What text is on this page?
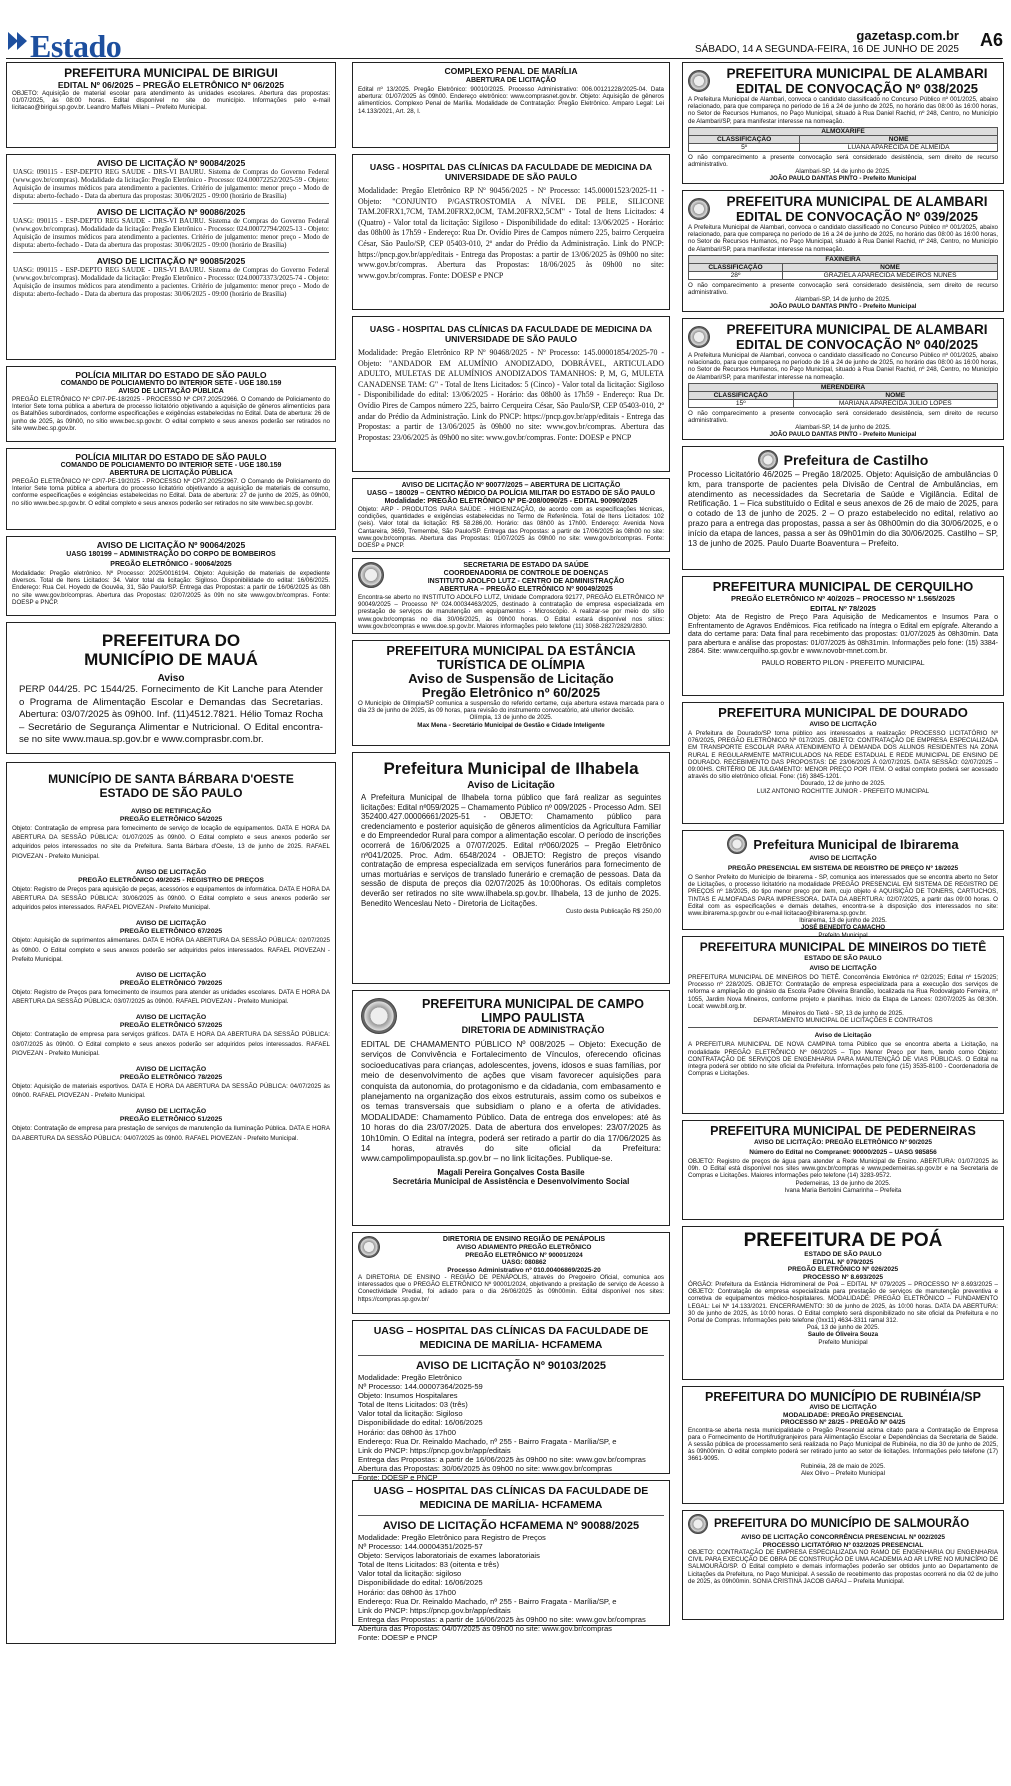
Estado	gazetasp.com.br
SÁBADO, 14 A SEGUNDA-FEIRA, 16 DE JUNHO DE 2025 A6
PREFEITURA MUNICIPAL DE BIRIGUI
EDITAL Nº 06/2025 – PREGÃO ELETRÔNICO Nº 06/2025
OBJETO: Aquisição de material escolar para atendimento às unidades escolares. Abertura das propostas: 01/07/2025, às 08:00 horas. Edital disponível no site do município. Informações pelo e-mail licitacao@birigui.sp.gov.br. Leandro Maffeis Milani – Prefeito Municipal.
AVISO DE LICITAÇÃO Nº 90084/2025
UASG: 090115 - ESP-DEPTO REG SAUDE - DRS-VI BAURU. Sistema de Compras do Governo Federal (www.gov.br/compras). Modalidade da licitação: Pregão Eletrônico - Processo: 024.00072252/2025-59 - Objeto: Aquisição de insumos médicos para atendimento a pacientes. Critério de julgamento: menor preço - Modo de disputa: aberto-fechado - Data da abertura das propostas: 30/06/2025 - 09:00 (horário de Brasília)
AVISO DE LICITAÇÃO Nº 90086/2025
UASG: 090115 - ESP-DEPTO REG SAUDE - DRS-VI BAURU. Sistema de Compras do Governo Federal (www.gov.br/compras). Modalidade da licitação: Pregão Eletrônico - Processo: 024.00072794/2025-13 - Objeto: Aquisição de insumos médicos para atendimento a pacientes. Critério de julgamento: menor preço - Modo de disputa: aberto-fechado - Data da abertura das propostas: 30/06/2025 - 09:00 (horário de Brasília)
AVISO DE LICITAÇÃO Nº 90085/2025
UASG: 090115 - ESP-DEPTO REG SAUDE - DRS-VI BAURU. Sistema de Compras do Governo Federal (www.gov.br/compras). Modalidade da licitação: Pregão Eletrônico - Processo: 024.00073373/2025-74 - Objeto: Aquisição de insumos médicos para atendimento a pacientes. Critério de julgamento: menor preço - Modo de disputa: aberto-fechado - Data da abertura das propostas: 30/06/2025 - 09:00 (horário de Brasília)
POLÍCIA MILITAR DO ESTADO DE SÃO PAULO
COMANDO DE POLICIAMENTO DO INTERIOR SETE - UGE 180.159
AVISO DE LICITAÇÃO PÚBLICA
PREGÃO ELETRÔNICO Nº CPI7-PE-18/2025 - PROCESSO Nº CPI7.2025/2966. O Comando de Policiamento do Interior Sete torna pública a abertura de processo licitatório objetivando a aquisição de gêneros alimentícios para os Batalhões subordinados, conforme especificações e exigências estabelecidas no Edital. Data de abertura: 26 de junho de 2025, às 09h00, no sítio www.bec.sp.gov.br. O edital completo e seus anexos poderão ser retirados no site www.bec.sp.gov.br.
POLÍCIA MILITAR DO ESTADO DE SÃO PAULO
COMANDO DE POLICIAMENTO DO INTERIOR SETE - UGE 180.159
ABERTURA DE LICITAÇÃO PÚBLICA
PREGÃO ELETRÔNICO Nº CPI7-PE-19/2025 - PROCESSO Nº CPI7.2025/2967. O Comando de Policiamento do Interior Sete torna pública a abertura do processo licitatório objetivando a aquisição de materiais de consumo, conforme especificações e exigências estabelecidas no Edital. Data de abertura: 27 de junho de 2025, às 09h00, no sítio www.bec.sp.gov.br. O edital completo e seus anexos poderão ser retirados no site www.bec.sp.gov.br.
AVISO DE LICITAÇÃO Nº 90064/2025
UASG 180199 – ADMINISTRAÇÃO DO CORPO DE BOMBEIROS
PREGÃO ELETRÔNICO - 90064/2025
Modalidade: Pregão eletrônico. Nº Processo: 2025/0016194. Objeto: Aquisição de materiais de expediente diversos. Total de Itens Licitados: 34. Valor total da licitação: Sigiloso. Disponibilidade do edital: 16/06/2025. Endereço: Rua Cel. Hoyedo de Gouvêa, 31, São Paulo/SP. Entrega das Propostas: a partir de 16/06/2025 às 08h no site www.gov.br/compras. Abertura das Propostas: 02/07/2025 às 09h no site www.gov.br/compras. Fonte: DOESP e PNCP.
PREFEITURA DO MUNICÍPIO DE MAUÁ
Aviso
PERP 044/25. PC 1544/25. Fornecimento de Kit Lanche para Atender o Programa de Alimentação Escolar e Demandas das Secretarias. Abertura: 03/07/2025 às 09h00. Inf. (11)4512.7821. Hélio Tomaz Rocha – Secretário de Segurança Alimentar e Nutricional. O Edital encontra-se no site www.maua.sp.gov.br e www.comprasbr.com.br.
MUNICÍPIO DE SANTA BÁRBARA D'OESTE
ESTADO DE SÃO PAULO
AVISO DE RETIFICAÇÃO
PREGÃO ELETRÔNICO 54/2025
Objeto: Contratação de empresa para fornecimento de serviço de locação de equipamentos. DATA E HORA DA ABERTURA DA SESSÃO PÚBLICA: 01/07/2025 às 09h00. O Edital completo e seus anexos poderão ser adquiridos pelos interessados no site da Prefeitura. Santa Bárbara d'Oeste, 13 de junho de 2025. RAFAEL PIOVEZAN - Prefeito Municipal.
AVISO DE LICITAÇÃO
PREGÃO ELETRÔNICO 49/2025 - REGISTRO DE PREÇOS
Objeto: Registro de Preços para aquisição de peças, acessórios e equipamentos de informática. DATA E HORA DA ABERTURA DA SESSÃO PÚBLICA: 30/06/2025 às 09h00. O Edital completo e seus anexos poderão ser adquiridos pelos interessados. RAFAEL PIOVEZAN - Prefeito Municipal.
AVISO DE LICITAÇÃO
PREGÃO ELETRÔNICO 67/2025
Objeto: Aquisição de suprimentos alimentares. DATA E HORA DA ABERTURA DA SESSÃO PÚBLICA: 02/07/2025 às 09h00. O Edital completo e seus anexos poderão ser adquiridos pelos interessados. RAFAEL PIOVEZAN - Prefeito Municipal.
AVISO DE LICITAÇÃO
PREGÃO ELETRÔNICO 79/2025
Objeto: Registro de Preços para fornecimento de insumos para atender as unidades escolares. DATA E HORA DA ABERTURA DA SESSÃO PÚBLICA: 03/07/2025 às 09h00. RAFAEL PIOVEZAN - Prefeito Municipal.
AVISO DE LICITAÇÃO
PREGÃO ELETRÔNICO 57/2025
Objeto: Contratação de empresa para serviços gráficos. DATA E HORA DA ABERTURA DA SESSÃO PÚBLICA: 03/07/2025 às 09h00. O Edital completo e seus anexos poderão ser adquiridos pelos interessados. RAFAEL PIOVEZAN - Prefeito Municipal.
AVISO DE LICITAÇÃO
PREGÃO ELETRÔNICO 78/2025
Objeto: Aquisição de materiais esportivos. DATA E HORA DA ABERTURA DA SESSÃO PÚBLICA: 04/07/2025 às 09h00. RAFAEL PIOVEZAN - Prefeito Municipal.
AVISO DE LICITAÇÃO
PREGÃO ELETRÔNICO 51/2025
Objeto: Contratação de empresa para prestação de serviços de manutenção da Iluminação Pública. DATA E HORA DA ABERTURA DA SESSÃO PÚBLICA: 04/07/2025 às 09h00. RAFAEL PIOVEZAN - Prefeito Municipal.
COMPLEXO PENAL DE MARÍLIA
ABERTURA DE LICITAÇÃO
Edital nº 13/2025. Pregão Eletrônico: 90010/2025. Processo Administrativo: 006.00121228/2025-04. Data abertura: 01/07/2025 às 09h00. Endereço eletrônico: www.comprasnet.gov.br. Objeto: Aquisição de gêneros alimentícios. Complexo Penal de Marília. Modalidade de Contratação: Pregão Eletrônico. Amparo Legal: Lei 14.133/2021, Art. 28, I.
UASG - HOSPITAL DAS CLÍNICAS DA FACULDADE DE MEDICINA DA UNIVERSIDADE DE SÃO PAULO
Modalidade: Pregão Eletrônico RP Nº 90456/2025 - Nº Processo: 145.00001523/2025-11 - Objeto: "CONJUNTO P/GASTROSTOMIA A NÍVEL DE PELE, SILICONE TAM.20FRX1,7CM, TAM.20FRX2,0CM, TAM.20FRX2,5CM" - Total de Itens Licitados: 4 (Quatro) - Valor total da licitação: Sigiloso - Disponibilidade do edital: 13/06/2025 - Horário: das 08h00 às 17h59 - Endereço: Rua Dr. Ovídio Pires de Campos número 225, bairro Cerqueira César, São Paulo/SP, CEP 05403-010, 2º andar do Prédio da Administração. Link do PNCP: https://pncp.gov.br/app/editais - Entrega das Propostas: a partir de 13/06/2025 às 09h00 no site: www.gov.br/compras. Abertura das Propostas: 18/06/2025 às 09h00 no site: www.gov.br/compras. Fonte: DOESP e PNCP
UASG - HOSPITAL DAS CLÍNICAS DA FACULDADE DE MEDICINA DA UNIVERSIDADE DE SÃO PAULO
Modalidade: Pregão Eletrônico RP Nº 90468/2025 - Nº Processo: 145.00001854/2025-70 - Objeto: "ANDADOR EM ALUMÍNIO ANODIZADO, DOBRÁVEL, ARTICULADO ADULTO, MULETAS DE ALUMÍNIOS ANODIZADOS TAMANHOS: P, M, G, MULETA CANADENSE TAM: G" - Total de Itens Licitados: 5 (Cinco) - Valor total da licitação: Sigiloso - Disponibilidade do edital: 13/06/2025 - Horário: das 08h00 às 17h59 - Endereço: Rua Dr. Ovídio Pires de Campos número 225, bairro Cerqueira César, São Paulo/SP, CEP 05403-010, 2º andar do Prédio da Administração. Link do PNCP: https://pncp.gov.br/app/editais - Entrega das Propostas: a partir de 13/06/2025 às 09h00 no site: www.gov.br/compras. Abertura das Propostas: 23/06/2025 às 09h00 no site: www.gov.br/compras. Fonte: DOESP e PNCP
AVISO DE LICITAÇÃO Nº 90077/2025 – ABERTURA DE LICITAÇÃO
UASG – 180029 – CENTRO MÉDICO DA POLÍCIA MILITAR DO ESTADO DE SÃO PAULO
Modalidade: PREGÃO ELETRÔNICO Nº PE-208/0090/25 - EDITAL 90090/2025
Objeto: ARP - PRODUTOS PARA SAÚDE - HIGIENIZAÇÃO, de acordo com as especificações técnicas, condições, quantidades e exigências estabelecidas no Termo de Referência. Total de Itens Licitados: 102 (seis). Valor total da licitação: R$ 58.286,00. Horário: das 08h00 às 17h00. Endereço: Avenida Nova Cantareira, 3659, Tremembé, São Paulo/SP. Entrega das Propostas: a partir de 17/06/2025 às 08h00 no site: www.gov.br/compras. Abertura das Propostas: 01/07/2025 às 09h00 no site: www.gov.br/compras. Fonte: DOESP e PNCP.
SECRETARIA DE ESTADO DA SAÚDE
COORDENADORIA DE CONTROLE DE DOENÇAS
INSTITUTO ADOLFO LUTZ - CENTRO DE ADMINISTRAÇÃO
ABERTURA – PREGÃO ELETRÔNICO Nº 90049/2025
Encontra-se aberto no INSTITUTO ADOLFO LUTZ, Unidade Compradora 92177, PREGÃO ELETRÔNICO Nº 90049/2025 – Processo Nº 024.00034463/2025, destinado à contratação de empresa especializada em prestação de serviços de manutenção em equipamentos - Microscópio. A realizar-se por meio do sítio www.gov.br/compras no dia 30/06/2025, às 09h00 horas. O Edital estará disponível nos sítios: www.gov.br/compras e www.doe.sp.gov.br. Maiores informações pelo telefone (11) 3068-2827/2829/2830.
PREFEITURA MUNICIPAL DA ESTÂNCIA TURÍSTICA DE OLÍMPIA
Aviso de Suspensão de Licitação
Pregão Eletrônico nº 60/2025
O Município de Olímpia/SP comunica a suspensão do referido certame, cuja abertura estava marcada para o dia 23 de junho de 2025, às 09 horas, para revisão do instrumento convocatório, até ulterior decisão.
Olímpia, 13 de junho de 2025.
Max Mena - Secretário Municipal de Gestão e Cidade Inteligente
Prefeitura Municipal de Ilhabela
Aviso de Licitação
A Prefeitura Municipal de Ilhabela torna público que fará realizar as seguintes licitações: Edital nº059/2025 – Chamamento Público nº 009/2025 - Processo Adm. SEI 352400.427.00006661/2025-51 - OBJETO: Chamamento público para credenciamento e posterior aquisição de gêneros alimentícios da Agricultura Familiar e do Empreendedor Rural para compor a alimentação escolar. O período de inscrições ocorrerá de 16/06/2025 a 07/07/2025. Edital nº060/2025 – Pregão Eletrônico nº041/2025. Proc. Adm. 6548/2024 - OBJETO: Registro de preços visando contratação de empresa especializada em serviços funerários para fornecimento de urnas mortuárias e serviços de translado funerário e cremação de pessoas. Data da sessão de disputa de preços dia 02/07/2025 às 10:00horas. Os editais completos deverão ser retirados no site www.ilhabela.sp.gov.br. Ilhabela, 13 de junho de 2025. Benedito Wenceslau Neto - Diretoria de Licitações.
Custo desta Publicação R$ 250,00
PREFEITURA MUNICIPAL DE CAMPO LIMPO PAULISTA
DIRETORIA DE ADMINISTRAÇÃO
EDITAL DE CHAMAMENTO PÚBLICO Nº 008/2025 – Objeto: Execução de serviços de Convivência e Fortalecimento de Vínculos, oferecendo oficinas socioeducativas para crianças, adolescentes, jovens, idosos e suas famílias, por meio de desenvolvimento de ações que visam favorecer aquisições para conquista da autonomia, do protagonismo e da cidadania, com embasamento e planejamento na organização dos eixos estruturais, assim como os subeixos e os temas transversais que subsidiam o plano e a oferta de atividades. MODALIDADE: Chamamento Público. Data de entrega dos envelopes: até às 10 horas do dia 23/07/2025. Data de abertura dos envelopes: 23/07/2025 às 10h10min. O Edital na íntegra, poderá ser retirado a partir do dia 17/06/2025 às 14 horas, através do site oficial da Prefeitura: www.campolimpopaulista.sp.gov.br – no link licitações. Publique-se.
Magali Pereira Gonçalves Costa Basile
Secretária Municipal de Assistência e Desenvolvimento Social
DIRETORIA DE ENSINO REGIÃO DE PENÁPOLIS
AVISO ADIAMENTO PREGÃO ELETRÔNICO
PREGÃO ELETRÔNICO Nº 90001/2024
UASG: 080862
Processo Administrativo nº 010.00406869/2025-20
A DIRETORIA DE ENSINO - REGIÃO DE PENÁPOLIS, através do Pregoeiro Oficial, comunica aos interessados que o PREGÃO ELETRÔNICO Nº 90001/2024, objetivando a prestação de serviço de Acesso à Conectividade Predial, foi adiado para o dia 26/06/2025 às 09h00min. Edital disponível nos sites: https://compras.sp.gov.br/
UASG – HOSPITAL DAS CLÍNICAS DA FACULDADE DE MEDICINA DE MARÍLIA- HCFAMEMA
AVISO DE LICITAÇÃO Nº 90103/2025
Modalidade: Pregão Eletrônico
Nº Processo: 144.00007364/2025-59
Objeto: Insumos Hospitalares
Total de Itens Licitados: 03 (três)
Valor total da licitação: Sigiloso
Disponibilidade do edital: 16/06/2025
Horário: das 08h00 às 17h00
Endereço: Rua Dr. Reinaldo Machado, nº 255 - Bairro Fragata - Marília/SP, e
Link do PNCP: https://pncp.gov.br/app/editais
Entrega das Propostas: a partir de 16/06/2025 às 09h00 no site: www.gov.br/compras
Abertura das Propostas: 30/06/2025 às 09h00 no site: www.gov.br/compras
Fonte: DOESP e PNCP
UASG – HOSPITAL DAS CLÍNICAS DA FACULDADE DE MEDICINA DE MARÍLIA- HCFAMEMA
AVISO DE LICITAÇÃO HCFAMEMA Nº 90088/2025
Modalidade: Pregão Eletrônico para Registro de Preços
Nº Processo: 144.00004351/2025-57
Objeto: Serviços laboratoriais de exames laboratoriais
Total de Itens Licitados: 83 (oitenta e três)
Valor total da licitação: sigiloso
Disponibilidade do edital: 16/06/2025
Horário: das 08h00 às 17h00
Endereço: Rua Dr. Reinaldo Machado, nº 255 - Bairro Fragata - Marília/SP, e
Link do PNCP: https://pncp.gov.br/app/editais
Entrega das Propostas: a partir de 16/06/2025 às 09h00 no site: www.gov.br/compras
Abertura das Propostas: 04/07/2025 às 09h00 no site: www.gov.br/compras
Fonte: DOESP e PNCP
PREFEITURA MUNICIPAL DE ALAMBARI
EDITAL DE CONVOCAÇÃO Nº 038/2025
A Prefeitura Municipal de Alambari, convoca o candidato classificado no Concurso Público nº 001/2025, abaixo relacionado, para que compareça no período de 16 a 24 de junho de 2025, no horário das 08:00 às 16:00 horas, no Setor de Recursos Humanos, no Paço Municipal, situado à Rua Daniel Rachid, nº 248, Centro, no Município de Alambari/SP, para manifestar interesse na nomeação.
ALMOXARIFE	
CLASSIFICAÇÃO	NOME
5º	LUANA APARECIDA DE ALMEIDA
O não comparecimento a presente convocação será considerado desistência, sem direito de recurso administrativo.
Alambari-SP, 14 de junho de 2025.
JOÃO PAULO DANTAS PINTO - Prefeito Municipal
PREFEITURA MUNICIPAL DE ALAMBARI
EDITAL DE CONVOCAÇÃO Nº 039/2025
A Prefeitura Municipal de Alambari, convoca o candidato classificado no Concurso Público nº 001/2025, abaixo relacionado, para que compareça no período de 16 a 24 de junho de 2025, no horário das 08:00 às 16:00 horas, no Setor de Recursos Humanos, no Paço Municipal, situado à Rua Daniel Rachid, nº 248, Centro, no Município de Alambari/SP, para manifestar interesse na nomeação.
FAXINEIRA	
CLASSIFICAÇÃO	NOME
28º	GRAZIELA APARECIDA MEDEIROS NUNES
O não comparecimento a presente convocação será considerado desistência, sem direito de recurso administrativo.
Alambari-SP, 14 de junho de 2025.
JOÃO PAULO DANTAS PINTO - Prefeito Municipal
PREFEITURA MUNICIPAL DE ALAMBARI
EDITAL DE CONVOCAÇÃO Nº 040/2025
A Prefeitura Municipal de Alambari, convoca o candidato classificado no Concurso Público nº 001/2025, abaixo relacionado, para que compareça no período de 16 a 24 de junho de 2025, no horário das 08:00 às 16:00 horas, no Setor de Recursos Humanos, no Paço Municipal, situado à Rua Daniel Rachid, nº 248, Centro, no Município de Alambari/SP, para manifestar interesse na nomeação.
MERENDEIRA	
CLASSIFICAÇÃO	NOME
15º	MARIANA APARECIDA JULIO LOPES
O não comparecimento a presente convocação será considerado desistência, sem direito de recurso administrativo.
Alambari-SP, 14 de junho de 2025.
JOÃO PAULO DANTAS PINTO - Prefeito Municipal
Prefeitura de Castilho
Processo Licitatório 46/2025 – Pregão 18/2025. Objeto: Aquisição de ambulâncias 0 km, para transporte de pacientes pela Divisão de Central de Ambulâncias, em atendimento as necessidades da Secretaria de Saúde e Vigilância. Edital de Retificação. 1 – Fica substituído o Edital e seus anexos de 26 de maio de 2025, para o cotado de 13 de junho de 2025. 2 – O prazo estabelecido no edital, relativo ao prazo para a entrega das propostas, passa a ser às 08h00min do dia 30/06/2025, e o início da etapa de lances, passa a ser às 09h01min do dia 30/06/2025. Castilho – SP, 13 de junho de 2025. Paulo Duarte Boaventura – Prefeito.
PREFEITURA MUNICIPAL DE CERQUILHO
PREGÃO ELETRÔNICO Nº 40/2025 – PROCESSO Nº 1.565/2025
EDITAL Nº 78/2025
Objeto: Ata de Registro de Preço Para Aquisição de Medicamentos e Insumos Para o Enfrentamento de Agravos Endêmicos. Fica retificado na íntegra o Edital em epígrafe. Alterando a data do certame para: Data final para recebimento das propostas: 01/07/2025 às 08h30min. Data para abertura e análise das propostas: 01/07/2025 às 08h31min. Informações pelo fone: (15) 3384-2864. Site: www.cerquilho.sp.gov.br e www.novobr-mnet.com.br.
PAULO ROBERTO PILON - PREFEITO MUNICIPAL
PREFEITURA MUNICIPAL DE DOURADO
AVISO DE LICITAÇÃO
A Prefeitura de Dourado/SP torna público aos interessados a realização: PROCESSO LICITATÓRIO Nº 076/2025, PREGÃO ELETRÔNICO Nº 017/2025. OBJETO: CONTRATAÇÃO DE EMPRESA ESPECIALIZADA EM TRANSPORTE ESCOLAR PARA ATENDIMENTO À DEMANDA DOS ALUNOS RESIDENTES NA ZONA RURAL E REGULARMENTE MATRICULADOS NA REDE ESTADUAL E REDE MUNICIPAL DE ENSINO DE DOURADO. RECEBIMENTO DAS PROPOSTAS: DE 23/06/2025 À 02/07/2025. DATA SESSÃO: 02/07/2025 – 09:00HS. CRITÉRIO DE JULGAMENTO: MENOR PREÇO POR ITEM. O edital completo poderá ser acessado através do sítio eletrônico oficial. Fone: (16) 3845-1201.
Dourado, 12 de junho de 2025.
LUIZ ANTONIO ROCHITTE JUNIOR - PREFEITO MUNICIPAL
Prefeitura Municipal de Ibirarema
AVISO DE LICITAÇÃO
PREGÃO PRESENCIAL EM SISTEMA DE REGISTRO DE PREÇO Nº 18/2025
O Senhor Prefeito do Município de Ibirarema - SP, comunica aos interessados que se encontra aberto no Setor de Licitações, o processo licitatório na modalidade PREGÃO PRESENCIAL EM SISTEMA DE REGISTRO DE PREÇOS nº 18/2025, do tipo menor preço por item, cujo objeto é AQUISIÇÃO DE TONERS, CARTUCHOS, TINTAS E ALMOFADAS PARA IMPRESSORA. DATA DA ABERTURA: 02/07/2025, a partir das 09:00 horas. O Edital com as especificações e demais detalhes, encontra-se à disposição dos interessados no site: www.ibirarema.sp.gov.br ou e-mail licitacao@ibirarema.sp.gov.br.
Ibirarema, 13 de junho de 2025.
JOSÉ BENEDITO CAMACHO
Prefeito Municipal
PREFEITURA MUNICIPAL DE MINEIROS DO TIETÊ
ESTADO DE SÃO PAULO
AVISO DE LICITAÇÃO
PREFEITURA MUNICIPAL DE MINEIROS DO TIETÊ. Concorrência Eletrônica nº 02/2025; Edital nº 15/2025; Processo nº 228/2025. OBJETO: Contratação de empresa especializada para a execução dos serviços de reforma e ampliação do ginásio da Escola Padre Oliveira Brandão, localizada na Rua Rodovalgato Ferreira, nº 1055, Jardim Nova Mineiros, conforme projeto e planilhas. Inicio da Etapa de Lances: 02/07/2025 às 08:30h. Local: www.bll.org.br.
Mineiros do Tietê - SP, 13 de junho de 2025.
DEPARTAMENTO MUNICIPAL DE LICITAÇÕES E CONTRATOS
Aviso de Licitação
A PREFEITURA MUNICIPAL DE NOVA CAMPINA torna Público que se encontra aberta a Licitação, na modalidade PREGÃO ELETRÔNICO Nº 060/2025 – Tipo Menor Preço por Item, tendo como Objeto: CONTRATAÇÃO DE SERVIÇOS DE ENGENHARIA PARA MANUTENÇÃO DE VIAS PÚBLICAS. O Edital na íntegra poderá ser obtido no site oficial da Prefeitura. Informações pelo fone (15) 3535-8100 - Coordenadoria de Compras e Licitações.
PREFEITURA MUNICIPAL DE PEDERNEIRAS
AVISO DE LICITAÇÃO: PREGÃO ELETRÔNICO Nº 90/2025
Número do Edital no Compranet: 90000/2025 – UASG 985856
OBJETO: Registro de preços de água para atender a Rede Municipal de Ensino. ABERTURA: 01/07/2025 às 09h. O Edital está disponível nos sites www.gov.br/compras e www.pederneiras.sp.gov.br e na Secretaria de Compras e Licitações. Maiores informações pelo telefone (14) 3283-9572.
Pederneiras, 13 de junho de 2025.
Ivana Maria Bertolini Camarinha – Prefeita
PREFEITURA DE POÁ
ESTADO DE SÃO PAULO
EDITAL Nº 079/2025
PREGÃO ELETRÔNICO Nº 026/2025
PROCESSO Nº 8.693/2025
ÓRGÃO: Prefeitura da Estância Hidromineral de Poá – EDITAL Nº 079/2025 – PROCESSO Nº 8.693/2025 – OBJETO: Contratação de empresa especializada para prestação de serviços de manutenção preventiva e corretiva de equipamentos médico-hospitalares. MODALIDADE: PREGÃO ELETRÔNICO – FUNDAMENTO LEGAL: Lei Nº 14.133/2021. ENCERRAMENTO: 30 de junho de 2025, às 10:00 horas. DATA DA ABERTURA: 30 de junho de 2025, às 10:00 horas. O Edital completo será disponibilizado no site oficial da Prefeitura e no Portal de Compras. Informações pelo telefone (0xx11) 4634-3311 ramal 312.
Poá, 13 de junho de 2025.
Saulo de Oliveira Souza
Prefeito Municipal
PREFEITURA DO MUNICÍPIO DE RUBINÉIA/SP
AVISO DE LICITAÇÃO
MODALIDADE: PREGÃO PRESENCIAL
PROCESSO Nº 28/25 - PREGÃO Nº 04/25
Encontra-se aberta nesta municipalidade o Pregão Presencial acima citado para a Contratação de Empresa para o Fornecimento de Hortifrutigranjeiros para Alimentação Escolar e Dependências da Secretaria de Saúde. A sessão pública de processamento será realizada no Paço Municipal de Rubinéia, no dia 30 de junho de 2025, às 09h00min. O edital completo poderá ser retirado junto ao setor de licitações. Informações pelo telefone (17) 3661-9095.
Rubinéia, 28 de maio de 2025.
Alex Olivo – Prefeito Municipal
PREFEITURA DO MUNICÍPIO DE SALMOURÃO
AVISO DE LICITAÇÃO CONCORRÊNCIA PRESENCIAL Nº 002/2025
PROCESSO LICITATÓRIO Nº 032/2025 PRESENCIAL
OBJETO: CONTRATAÇÃO DE EMPRESA ESPECIALIZADA NO RAMO DE ENGENHARIA OU ENGENHARIA CIVIL PARA EXECUÇÃO DE OBRA DE CONSTRUÇÃO DE UMA ACADEMIA AO AR LIVRE NO MUNICÍPIO DE SALMOURÃO/SP. O Edital completo e demais informações poderão ser obtidos junto ao Departamento de Licitações da Prefeitura, no Paço Municipal. A sessão de recebimento das propostas ocorrerá no dia 02 de julho de 2025, às 09h00min. SONIA CRISTINA JACOB GARAJ – Prefeita Municipal.
